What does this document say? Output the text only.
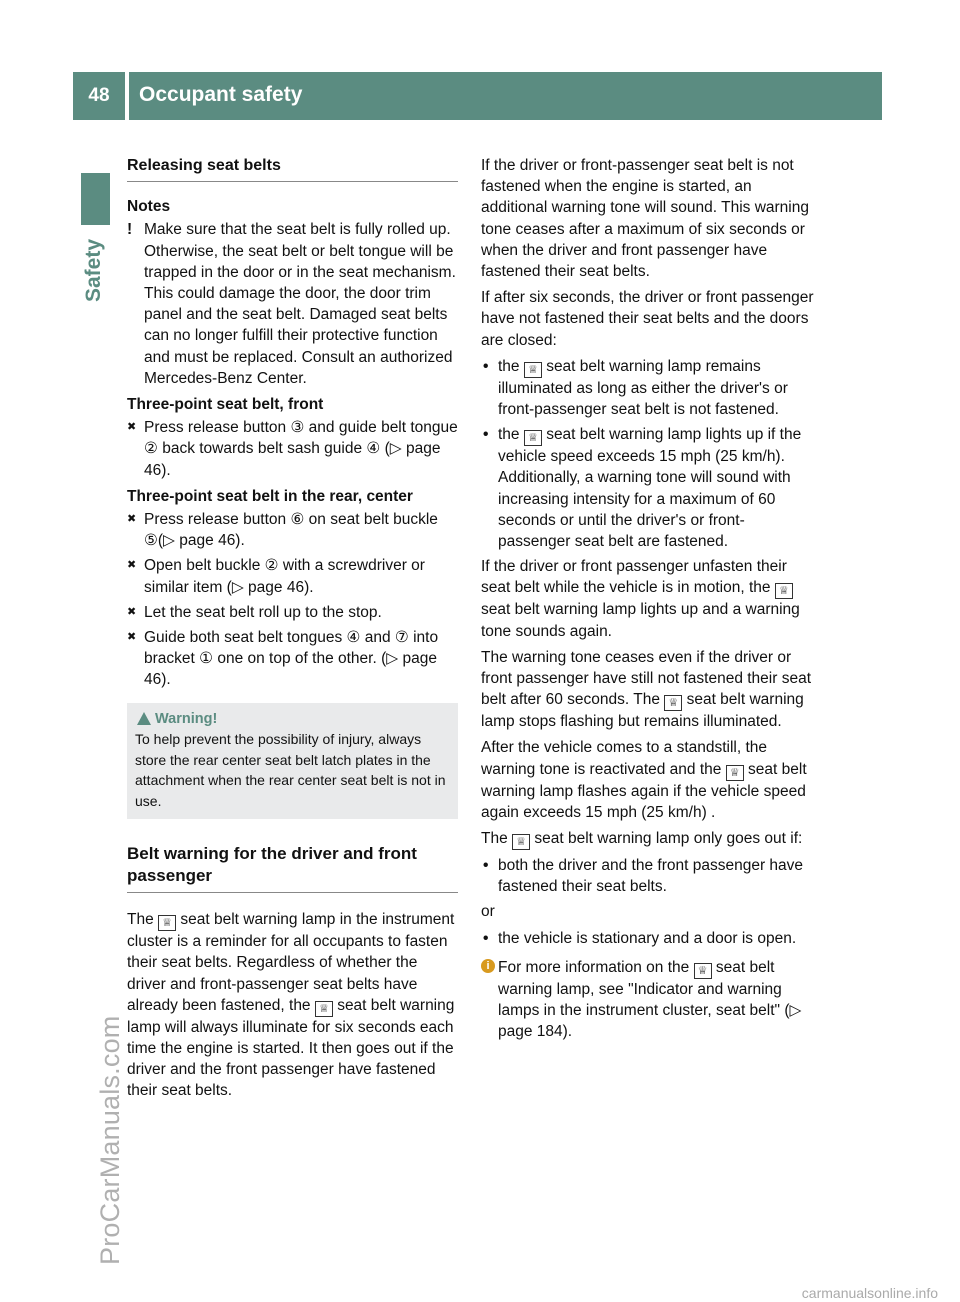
48	Occupant safety
Safety
ProCarManuals.com
carmanualsonline.info
Releasing seat belts
Notes
! Make sure that the seat belt is fully rolled up. Otherwise, the seat belt or belt tongue will be trapped in the door or in the seat mechanism. This could damage the door, the door trim panel and the seat belt. Damaged seat belts can no longer fulfill their protective function and must be replaced. Consult an authorized Mercedes-Benz Center.
Three-point seat belt, front
✖ Press release button ③ and guide belt tongue ② back towards belt sash guide ④ (▷ page 46).
Three-point seat belt in the rear, center
✖ Press release button ⑥ on seat belt buckle ⑤(▷ page 46).
✖ Open belt buckle ② with a screwdriver or similar item (▷ page 46).
✖ Let the seat belt roll up to the stop.
✖ Guide both seat belt tongues ④ and ⑦ into bracket ① one on top of the other. (▷ page 46).
Warning!
To help prevent the possibility of injury, always store the rear center seat belt latch plates in the attachment when the rear center seat belt is not in use.
Belt warning for the driver and front passenger

The ♕ seat belt warning lamp in the instrument cluster is a reminder for all occupants to fasten their seat belts. Regardless of whether the driver and front-passenger seat belts have already been fastened, the ♕ seat belt warning lamp will always illuminate for six seconds each time the engine is started. It then goes out if the driver and the front passenger have fastened their seat belts.

If the driver or front-passenger seat belt is not fastened when the engine is started, an additional warning tone will sound. This warning tone ceases after a maximum of six seconds or when the driver and front passenger have fastened their seat belts.

If after six seconds, the driver or front passenger have not fastened their seat belts and the doors are closed:

• the ♕ seat belt warning lamp remains illuminated as long as either the driver's or front-passenger seat belt is not fastened.
• the ♕ seat belt warning lamp lights up if the vehicle speed exceeds 15 mph (25 km/h). Additionally, a warning tone will sound with increasing intensity for a maximum of 60 seconds or until the driver's or front-passenger seat belt are fastened.

If the driver or front passenger unfasten their seat belt while the vehicle is in motion, the ♕ seat belt warning lamp lights up and a warning tone sounds again.

The warning tone ceases even if the driver or front passenger have still not fastened their seat belt after 60 seconds. The ♕ seat belt warning lamp stops flashing but remains illuminated.

After the vehicle comes to a standstill, the warning tone is reactivated and the ♕ seat belt warning lamp flashes again if the vehicle speed again exceeds 15 mph (25 km/h) .

The ♕ seat belt warning lamp only goes out if:

• both the driver and the front passenger have fastened their seat belts.

or

• the vehicle is stationary and a door is open.
i For more information on the ♕ seat belt warning lamp, see "Indicator and warning lamps in the instrument cluster, seat belt" (▷ page 184).
